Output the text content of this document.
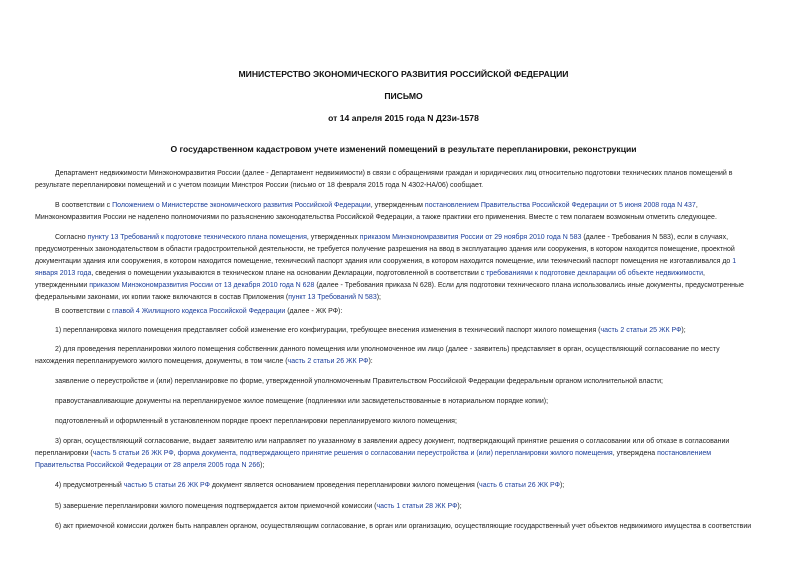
МИНИСТЕРСТВО ЭКОНОМИЧЕСКОГО РАЗВИТИЯ РОССИЙСКОЙ ФЕДЕРАЦИИ
ПИСЬМО
от 14 апреля 2015 года N Д23и-1578
О государственном кадастровом учете изменений помещений в результате перепланировки, реконструкции
Департамент недвижимости Минэкономразвития России (далее - Департамент недвижимости) в связи с обращениями граждан и юридических лиц относительно подготовки технических планов помещений в
результате перепланировки помещений и с учетом позиции Минстроя России (письмо от 18 февраля 2015 года N 4302-НА/06) сообщает.
В соответствии с Положением о Министерстве экономического развития Российской Федерации, утвержденным постановлением Правительства Российской Федерации от 5 июня 2008 года N 437,
Минэкономразвития России не наделено полномочиями по разъяснению законодательства Российской Федерации, а также практики его применения. Вместе с тем полагаем возможным отметить следующее.
Согласно пункту 13 Требований к подготовке технического плана помещения, утвержденных приказом Минэкономразвития России от 29 ноября 2010 года N 583 (далее - Требования N 583), если в случаях,
предусмотренных законодательством в области градостроительной деятельности, не требуется получение разрешения на ввод в эксплуатацию здания или сооружения, в котором находится помещение, проектной
документации здания или сооружения, в котором находится помещение, технический паспорт здания или сооружения, в котором находится помещение, или технический паспорт помещения не изготавливался до 1
января 2013 года, сведения о помещении указываются в техническом плане на основании Декларации, подготовленной в соответствии с требованиями к подготовке декларации об объекте недвижимости,
утвержденными приказом Минэкономразвития России от 13 декабря 2010 года N 628 (далее - Требования приказа N 628). Если для подготовки технического плана использовались иные документы, предусмотренные
федеральными законами, их копии также включаются в состав Приложения (пункт 13 Требований N 583);
В соответствии с главой 4 Жилищного кодекса Российской Федерации (далее - ЖК РФ):
1) перепланировка жилого помещения представляет собой изменение его конфигурации, требующее внесения изменения в технический паспорт жилого помещения (часть 2 статьи 25 ЖК РФ);
2) для проведения перепланировки жилого помещения собственник данного помещения или уполномоченное им лицо (далее - заявитель) представляет в орган, осуществляющий согласование по месту
нахождения перепланируемого жилого помещения, документы, в том числе (часть 2 статьи 26 ЖК РФ):
заявление о переустройстве и (или) перепланировке по форме, утвержденной уполномоченным Правительством Российской Федерации федеральным органом исполнительной власти;
правоустанавливающие документы на перепланируемое жилое помещение (подлинники или засвидетельствованные в нотариальном порядке копии);
подготовленный и оформленный в установленном порядке проект перепланировки перепланируемого жилого помещения;
3) орган, осуществляющий согласование, выдает заявителю или направляет по указанному в заявлении адресу документ, подтверждающий принятие решения о согласовании или об отказе в согласовании
перепланировки (часть 5 статьи 26 ЖК РФ, форма документа, подтверждающего принятие решения о согласовании переустройства и (или) перепланировки жилого помещения, утверждена постановлением
Правительства Российской Федерации от 28 апреля 2005 года N 266);
4) предусмотренный частью 5 статьи 26 ЖК РФ документ является основанием проведения перепланировки жилого помещения (часть 6 статьи 26 ЖК РФ);
5) завершение перепланировки жилого помещения подтверждается актом приемочной комиссии (часть 1 статьи 28 ЖК РФ);
6) акт приемочной комиссии должен быть направлен органом, осуществляющим согласование, в орган или организацию, осуществляющие государственный учет объектов недвижимого имущества в соответствии
